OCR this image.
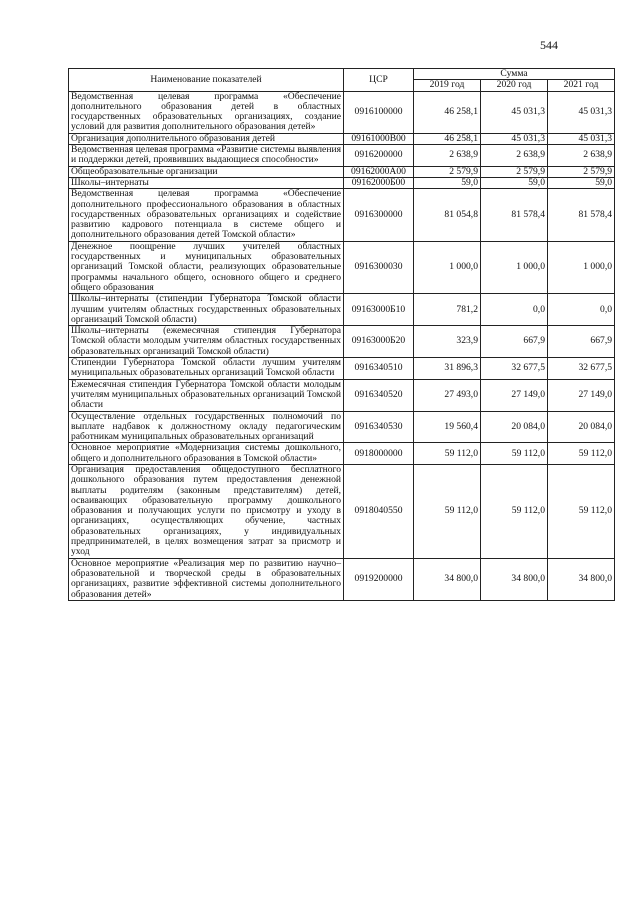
544
Наименование показателей	ЦСР	Сумма		
		2019 год	2020 год	2021 год
Ведомственная целевая программа «Обеспечение дополнительного образования детей в областных государственных образовательных организациях, создание условий для развития дополнительного образования детей»	0916100000	46 258,1	45 031,3	45 031,3
Организация дополнительного образования детей	09161000В00	46 258,1	45 031,3	45 031,3
Ведомственная целевая программа «Развитие системы выявления и поддержки детей, проявивших выдающиеся способности»	0916200000	2 638,9	2 638,9	2 638,9
Общеобразовательные организации	09162000А00	2 579,9	2 579,9	2 579,9
Школы–интернаты	09162000Б00	59,0	59,0	59,0
Ведомственная целевая программа «Обеспечение дополнительного профессионального образования в областных государственных образовательных организациях и содействие развитию кадрового потенциала в системе общего и дополнительного образования детей Томской области»	0916300000	81 054,8	81 578,4	81 578,4
Денежное поощрение лучших учителей областных государственных и муниципальных образовательных организаций Томской области, реализующих образовательные программы начального общего, основного общего и среднего общего образования	0916300030	1 000,0	1 000,0	1 000,0
Школы–интернаты (стипендии Губернатора Томской области лучшим учителям областных государственных образовательных организаций Томской области)	09163000Б10	781,2	0,0	0,0
Школы–интернаты (ежемесячная стипендия Губернатора Томской области молодым учителям областных государственных образовательных организаций Томской области)	09163000Б20	323,9	667,9	667,9
Стипендии Губернатора Томской области лучшим учителям муниципальных образовательных организаций Томской области	0916340510	31 896,3	32 677,5	32 677,5
Ежемесячная стипендия Губернатора Томской области молодым учителям муниципальных образовательных организаций Томской области	0916340520	27 493,0	27 149,0	27 149,0
Осуществление отдельных государственных полномочий по выплате надбавок к должностному окладу педагогическим работникам муниципальных образовательных организаций	0916340530	19 560,4	20 084,0	20 084,0
Основное мероприятие «Модернизация системы дошкольного, общего и дополнительного образования в Томской области»	0918000000	59 112,0	59 112,0	59 112,0
Организация предоставления общедоступного бесплатного дошкольного образования путем предоставления денежной выплаты родителям (законным представителям) детей, осваивающих образовательную программу дошкольного образования и получающих услуги по присмотру и уходу в организациях, осуществляющих обучение, частных образовательных организациях, у индивидуальных предпринимателей, в целях возмещения затрат за присмотр и уход	0918040550	59 112,0	59 112,0	59 112,0
Основное мероприятие «Реализация мер по развитию научно–образовательной и творческой среды в образовательных организациях, развитие эффективной системы дополнительного образования детей»	0919200000	34 800,0	34 800,0	34 800,0
